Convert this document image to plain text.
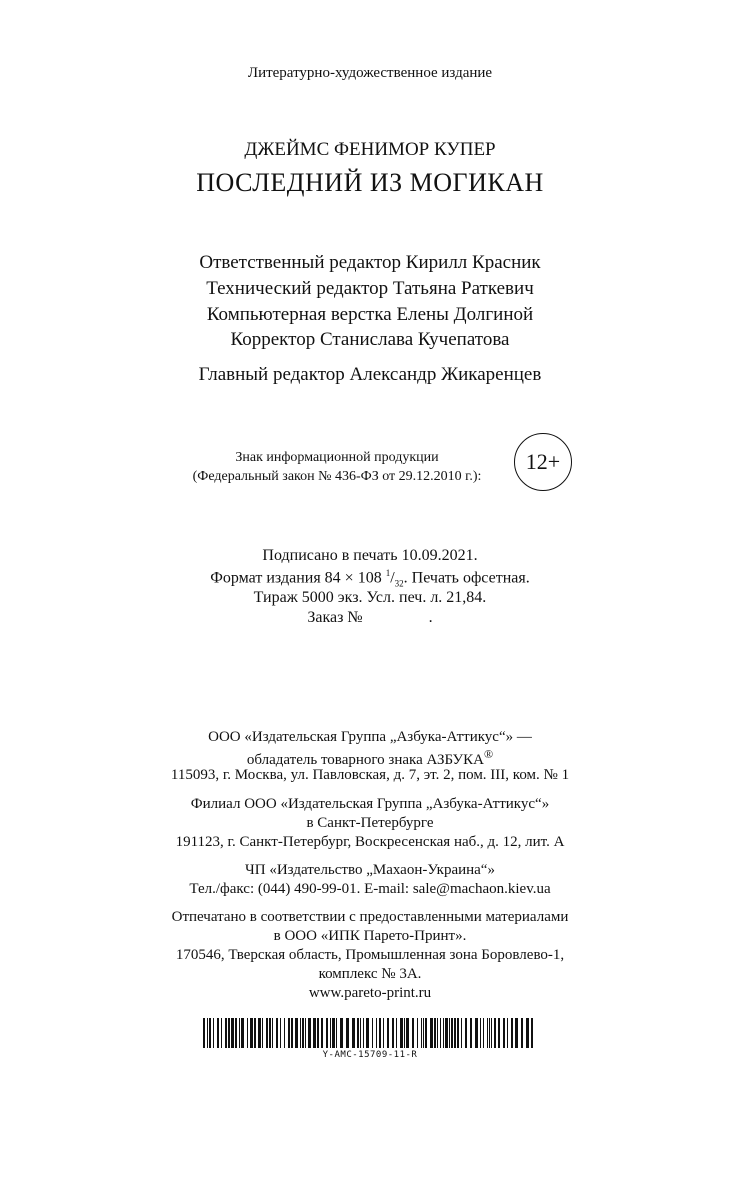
Литературно-художественное издание
ДЖЕЙМС ФЕНИМОР КУПЕР
ПОСЛЕДНИЙ ИЗ МОГИКАН
Ответственный редактор Кирилл Красник
Технический редактор Татьяна Раткевич
Компьютерная верстка Елены Долгиной
Корректор Станислава Кучепатова
Главный редактор Александр Жикаренцев
Знак информационной продукции
(Федеральный закон № 436-ФЗ от 29.12.2010 г.):
12+
Подписано в печать 10.09.2021.
Формат издания 84 × 108 $^1/_{32}$. Печать офсетная.
Тираж 5000 экз. Усл. печ. л. 21,84.
Заказ №	.
ООО «Издательская Группа „Азбука-Аттикус“» —
обладатель товарного знака АЗБУКА®
115093, г. Москва, ул. Павловская, д. 7, эт. 2, пом. III, ком. № 1
Филиал ООО «Издательская Группа „Азбука-Аттикус“»
в Санкт-Петербурге
191123, г. Санкт-Петербург, Воскресенская наб., д. 12, лит. А
ЧП «Издательство „Махаон-Украина“»
Тел./факс: (044) 490-99-01. E-mail: sale@machaon.kiev.ua
Отпечатано в соответствии с предоставленными материалами
в ООО «ИПК Парето-Принт».
170546, Тверская область, Промышленная зона Боровлево-1,
комплекс № 3А.
www.pareto-print.ru
Y-AMC-15709-11-R
